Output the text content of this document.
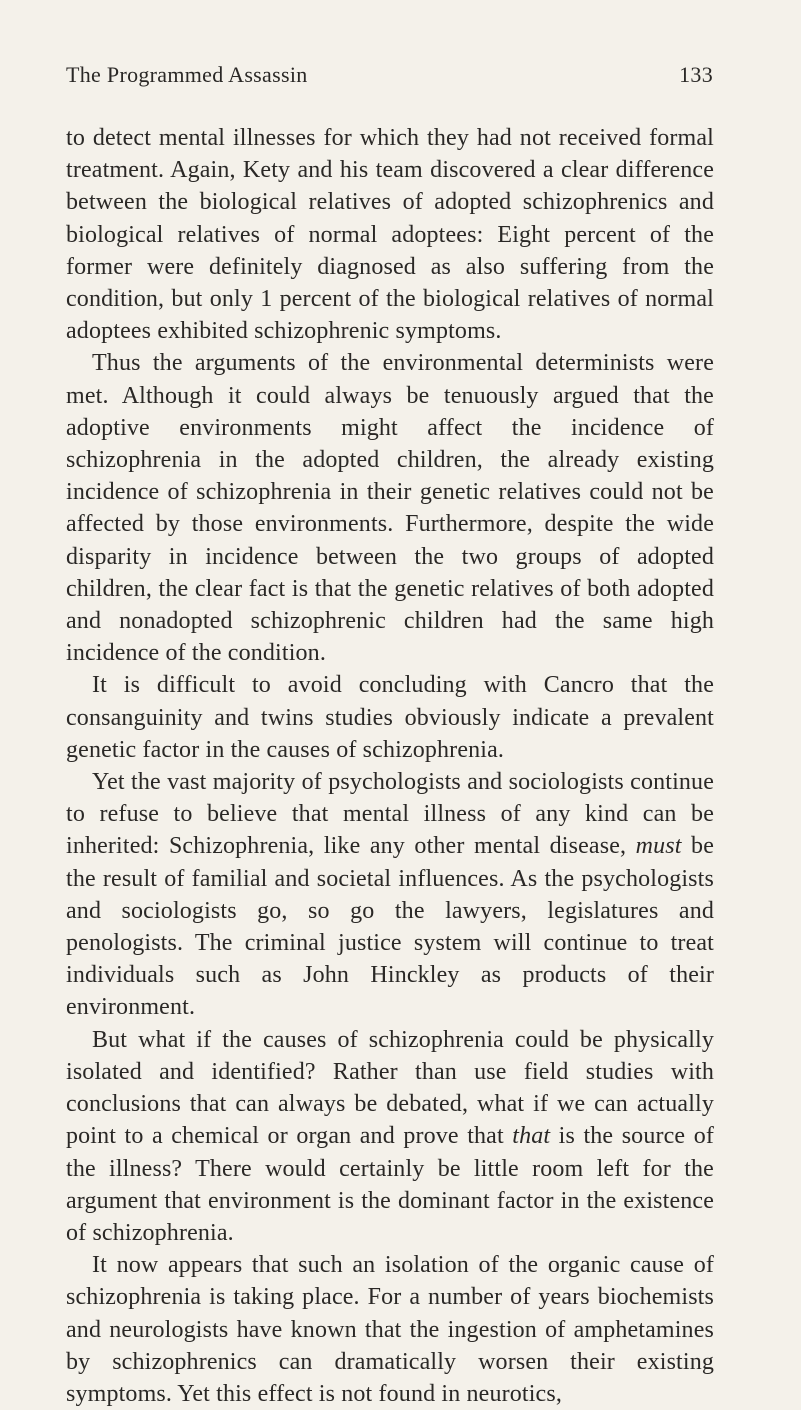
The Programmed Assassin	133

to detect mental illnesses for which they had not received formal treatment. Again, Kety and his team discovered a clear difference between the biological relatives of adopted schizophrenics and biological relatives of normal adoptees: Eight percent of the former were definitely diagnosed as also suffering from the condition, but only 1 percent of the biological relatives of normal adoptees exhibited schizophrenic symptoms.

Thus the arguments of the environmental determinists were met. Although it could always be tenuously argued that the adoptive environments might affect the incidence of schizophrenia in the adopted children, the already existing incidence of schizophrenia in their genetic relatives could not be affected by those environments. Furthermore, despite the wide disparity in incidence between the two groups of adopted children, the clear fact is that the genetic relatives of both adopted and nonadopted schizophrenic children had the same high incidence of the condition.

It is difficult to avoid concluding with Cancro that the consanguinity and twins studies obviously indicate a prevalent genetic factor in the causes of schizophrenia.

Yet the vast majority of psychologists and sociologists continue to refuse to believe that mental illness of any kind can be inherited: Schizophrenia, like any other mental disease, must be the result of familial and societal influences. As the psychologists and sociologists go, so go the lawyers, legislatures and penologists. The criminal justice system will continue to treat individuals such as John Hinckley as products of their environment.

But what if the causes of schizophrenia could be physically isolated and identified? Rather than use field studies with conclusions that can always be debated, what if we can actually point to a chemical or organ and prove that that is the source of the illness? There would certainly be little room left for the argument that environment is the dominant factor in the existence of schizophrenia.

It now appears that such an isolation of the organic cause of schizophrenia is taking place. For a number of years biochemists and neurologists have known that the ingestion of amphetamines by schizophrenics can dramatically worsen their existing symptoms. Yet this effect is not found in neurotics,
